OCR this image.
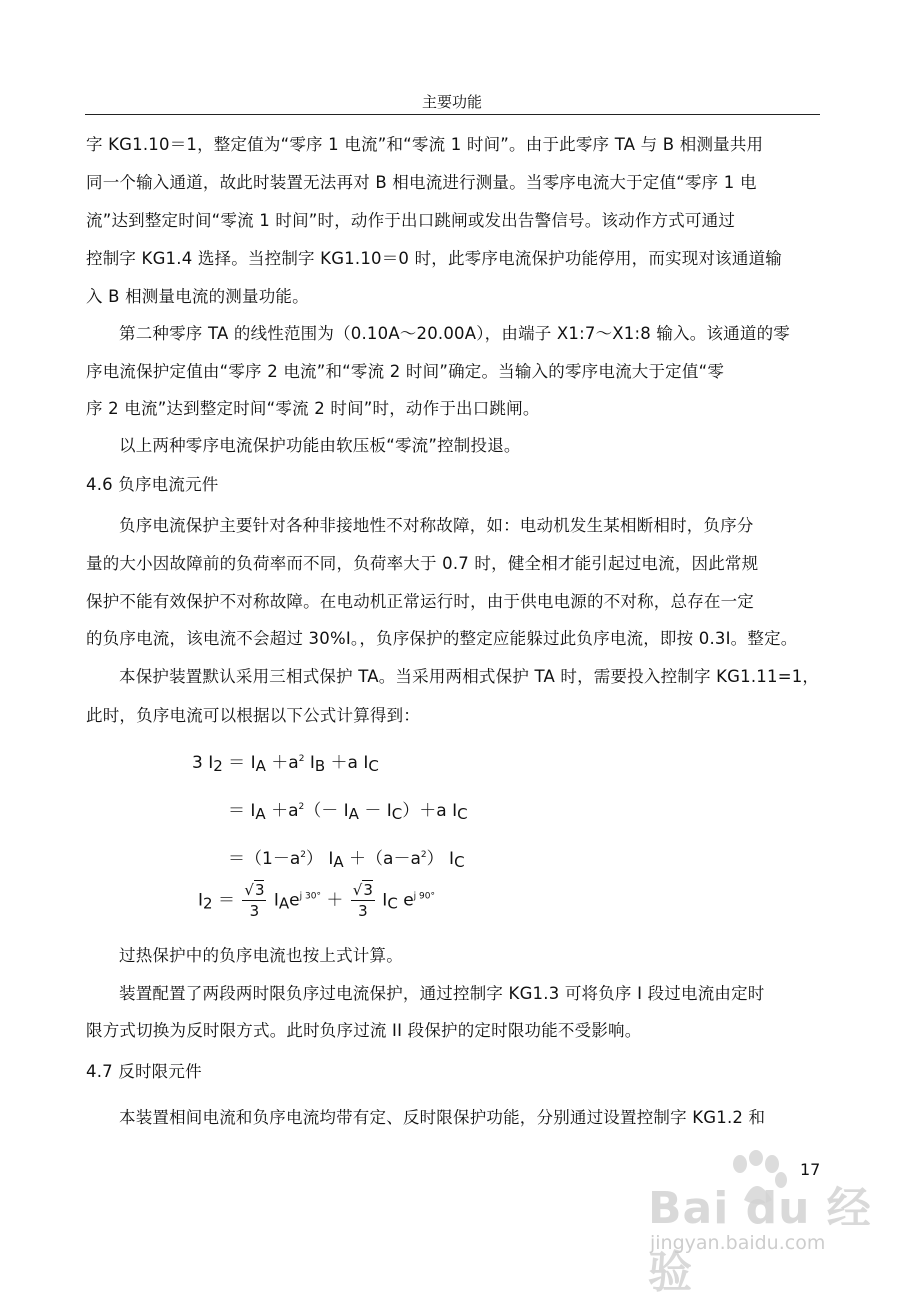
主要功能
字 KG1.10＝1，整定值为“零序 1 电流”和“零流 1 时间”。由于此零序 TA 与 B 相测量共用
同一个输入通道，故此时装置无法再对 B 相电流进行测量。当零序电流大于定值“零序 1 电
流”达到整定时间“零流 1 时间”时，动作于出口跳闸或发出告警信号。该动作方式可通过
控制字 KG1.4 选择。当控制字 KG1.10＝0 时，此零序电流保护功能停用，而实现对该通道输
入 B 相测量电流的测量功能。
第二种零序 TA 的线性范围为（0.10A～20.00A），由端子 X1:7～X1:8 输入。该通道的零
序电流保护定值由“零序 2 电流”和“零流 2 时间”确定。当输入的零序电流大于定值“零
序 2 电流”达到整定时间“零流 2 时间”时，动作于出口跳闸。
以上两种零序电流保护功能由软压板“零流”控制投退。
4.6 负序电流元件
负序电流保护主要针对各种非接地性不对称故障，如：电动机发生某相断相时，负序分
量的大小因故障前的负荷率而不同，负荷率大于 0.7 时，健全相才能引起过电流，因此常规
保护不能有效保护不对称故障。在电动机正常运行时，由于供电电源的不对称，总存在一定
的负序电流，该电流不会超过 30%I。，负序保护的整定应能躲过此负序电流，即按 0.3I。整定。
本保护装置默认采用三相式保护 TA。当采用两相式保护 TA 时，需要投入控制字 KG1.11=1，
此时，负序电流可以根据以下公式计算得到：
3 $I_2 = I_A +a^2$ $I_B +a$ $I_C$
＝ $I_A +a^2(- I_A - I_C)+a$ $I_C$
$=(1-a^2)$ $I_A +(a-a^2)$ $I_C$
$I_2 = \frac{√3}{3} I_Ae^{j 30^\circ} + \frac{√3}{3} I_C$ $e^{j 90^\circ}$
过热保护中的负序电流也按上式计算。
装置配置了两段两时限负序过电流保护，通过控制字 KG1.3 可将负序 I 段过电流由定时
限方式切换为反时限方式。此时负序过流 II 段保护的定时限功能不受影响。
4.7 反时限元件
本装置相间电流和负序电流均带有定、反时限保护功能，分别通过设置控制字 KG1.2 和
17
Bai du 经验
jingyan.baidu.com
